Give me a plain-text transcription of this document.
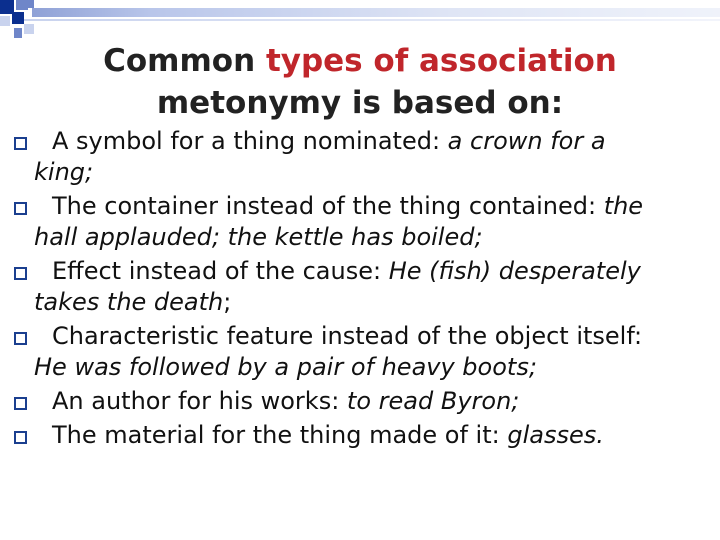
Common types of association
metonymy is based on:
A symbol for a thing nominated: a crown for a
king;
The container instead of the thing contained: the
hall applauded; the kettle has boiled;
Effect instead of the cause: He (fish) desperately
takes the death;
Characteristic feature instead of the object itself:
He was followed by a pair of heavy boots;
An author for his works: to read Byron;
The material for the thing made of it: glasses.
